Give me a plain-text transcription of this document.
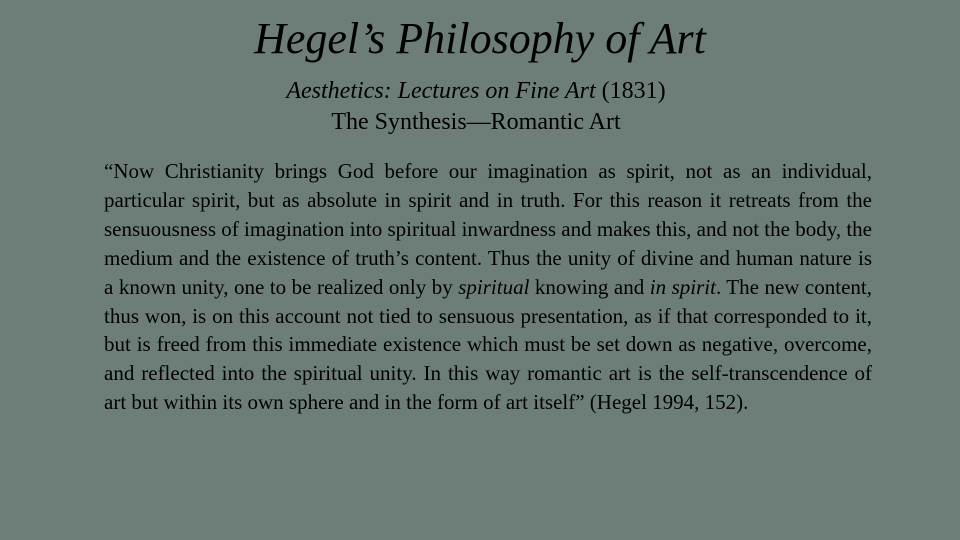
Hegel’s Philosophy of Art
Aesthetics: Lectures on Fine Art (1831)
The Synthesis—Romantic Art

“Now Christianity brings God before our imagination as spirit, not as an individual, particular spirit, but as absolute in spirit and in truth. For this reason it retreats from the sensuousness of imagination into spiritual inwardness and makes this, and not the body, the medium and the existence of truth’s content. Thus the unity of divine and human nature is a known unity, one to be realized only by spiritual knowing and in spirit. The new content, thus won, is on this account not tied to sensuous presentation, as if that corresponded to it, but is freed from this immediate existence which must be set down as negative, overcome, and reflected into the spiritual unity. In this way romantic art is the self-transcendence of art but within its own sphere and in the form of art itself” (Hegel 1994, 152).
